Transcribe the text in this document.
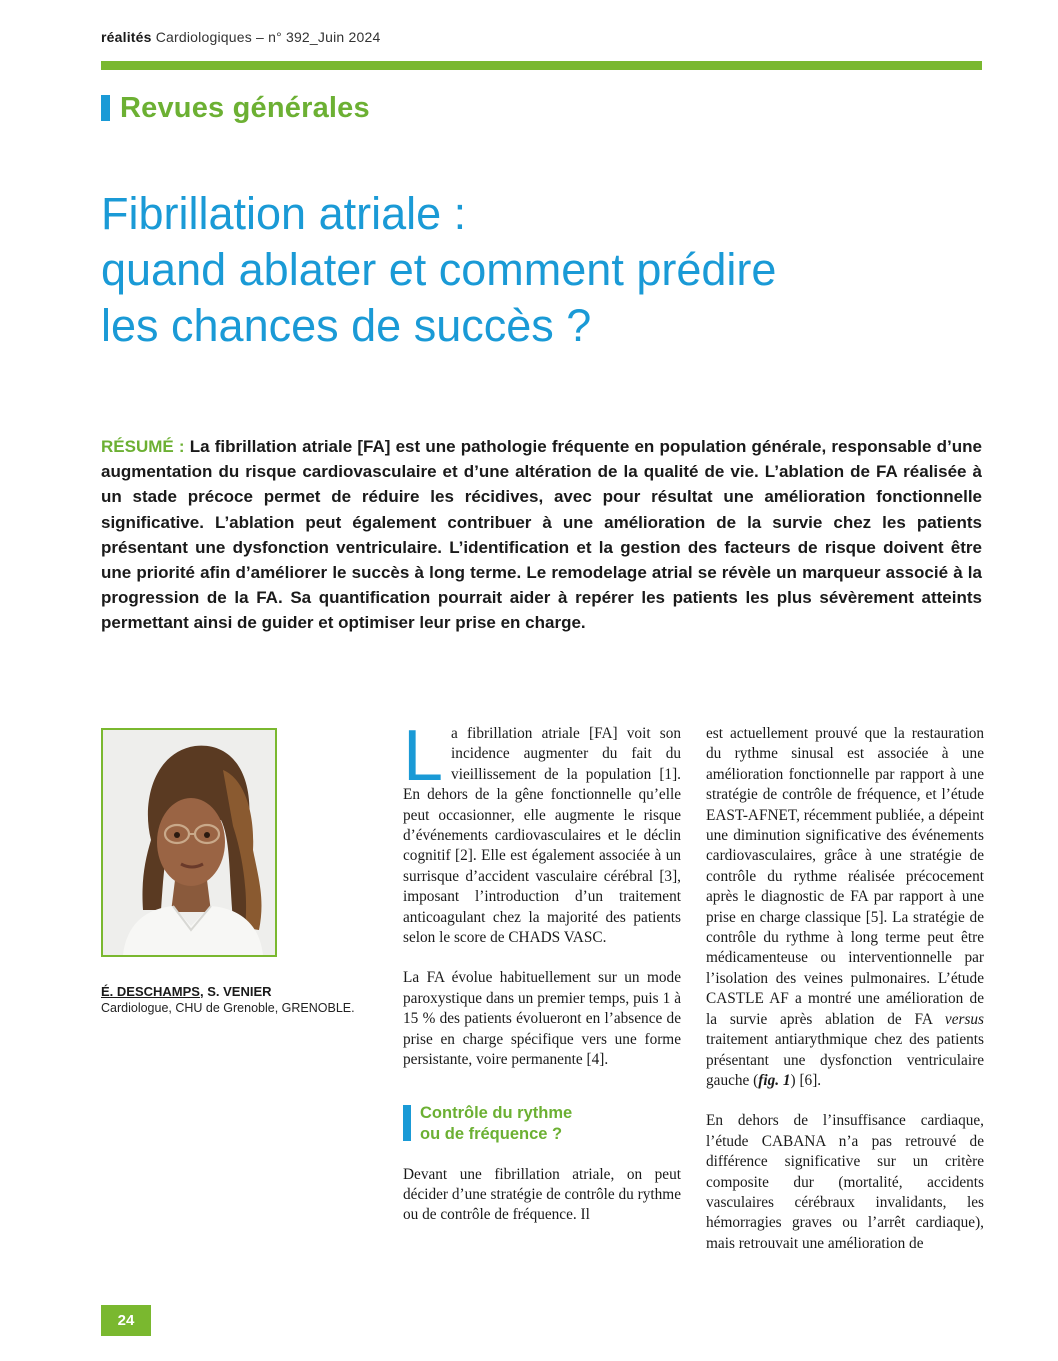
réalités Cardiologiques – n° 392_Juin 2024
Revues générales
Fibrillation atriale :
quand ablater et comment prédire
les chances de succès ?
RÉSUMÉ : La fibrillation atriale [FA] est une pathologie fréquente en population générale, responsable d’une augmentation du risque cardiovasculaire et d’une altération de la qualité de vie. L’ablation de FA réalisée à un stade précoce permet de réduire les récidives, avec pour résultat une amélioration fonctionnelle significative. L’ablation peut également contribuer à une amélioration de la survie chez les patients présentant une dysfonction ventriculaire. L’identification et la gestion des facteurs de risque doivent être une priorité afin d’améliorer le succès à long terme. Le remodelage atrial se révèle un marqueur associé à la progression de la FA. Sa quantification pourrait aider à repérer les patients les plus sévèrement atteints permettant ainsi de guider et optimiser leur prise en charge.
É. DESCHAMPS, S. VENIER
Cardiologue, CHU de Grenoble, GRENOBLE.

La fibrillation atriale [FA] voit son incidence augmenter du fait du vieillissement de la population [1]. En dehors de la gêne fonctionnelle qu’elle peut occasionner, elle augmente le risque d’événements cardiovasculaires et le déclin cognitif [2]. Elle est également associée à un surrisque d’accident vasculaire cérébral [3], imposant l’introduction d’un traitement anticoagulant chez la majorité des patients selon le score de CHADS VASC.

La FA évolue habituellement sur un mode paroxystique dans un premier temps, puis 1 à 15 % des patients évolueront en l’absence de prise en charge spécifique vers une forme persistante, voire permanente [4].

Contrôle du rythme
ou de fréquence ?

Devant une fibrillation atriale, on peut décider d’une stratégie de contrôle du rythme ou de contrôle de fréquence. Il

est actuellement prouvé que la restauration du rythme sinusal est associée à une amélioration fonctionnelle par rapport à une stratégie de contrôle de fréquence, et l’étude EAST-AFNET, récemment publiée, a dépeint une diminution significative des événements cardiovasculaires, grâce à une stratégie de contrôle du rythme réalisée précocement après le diagnostic de FA par rapport à une prise en charge classique [5]. La stratégie de contrôle du rythme à long terme peut être médicamenteuse ou interventionnelle par l’isolation des veines pulmonaires. L’étude CASTLE AF a montré une amélioration de la survie après ablation de FA versus traitement antiarythmique chez des patients présentant une dysfonction ventriculaire gauche (fig. 1) [6].

En dehors de l’insuffisance cardiaque, l’étude CABANA n’a pas retrouvé de différence significative sur un critère composite dur (mortalité, accidents vasculaires cérébraux invalidants, les hémorragies graves ou l’arrêt cardiaque), mais retrouvait une amélioration de

24
